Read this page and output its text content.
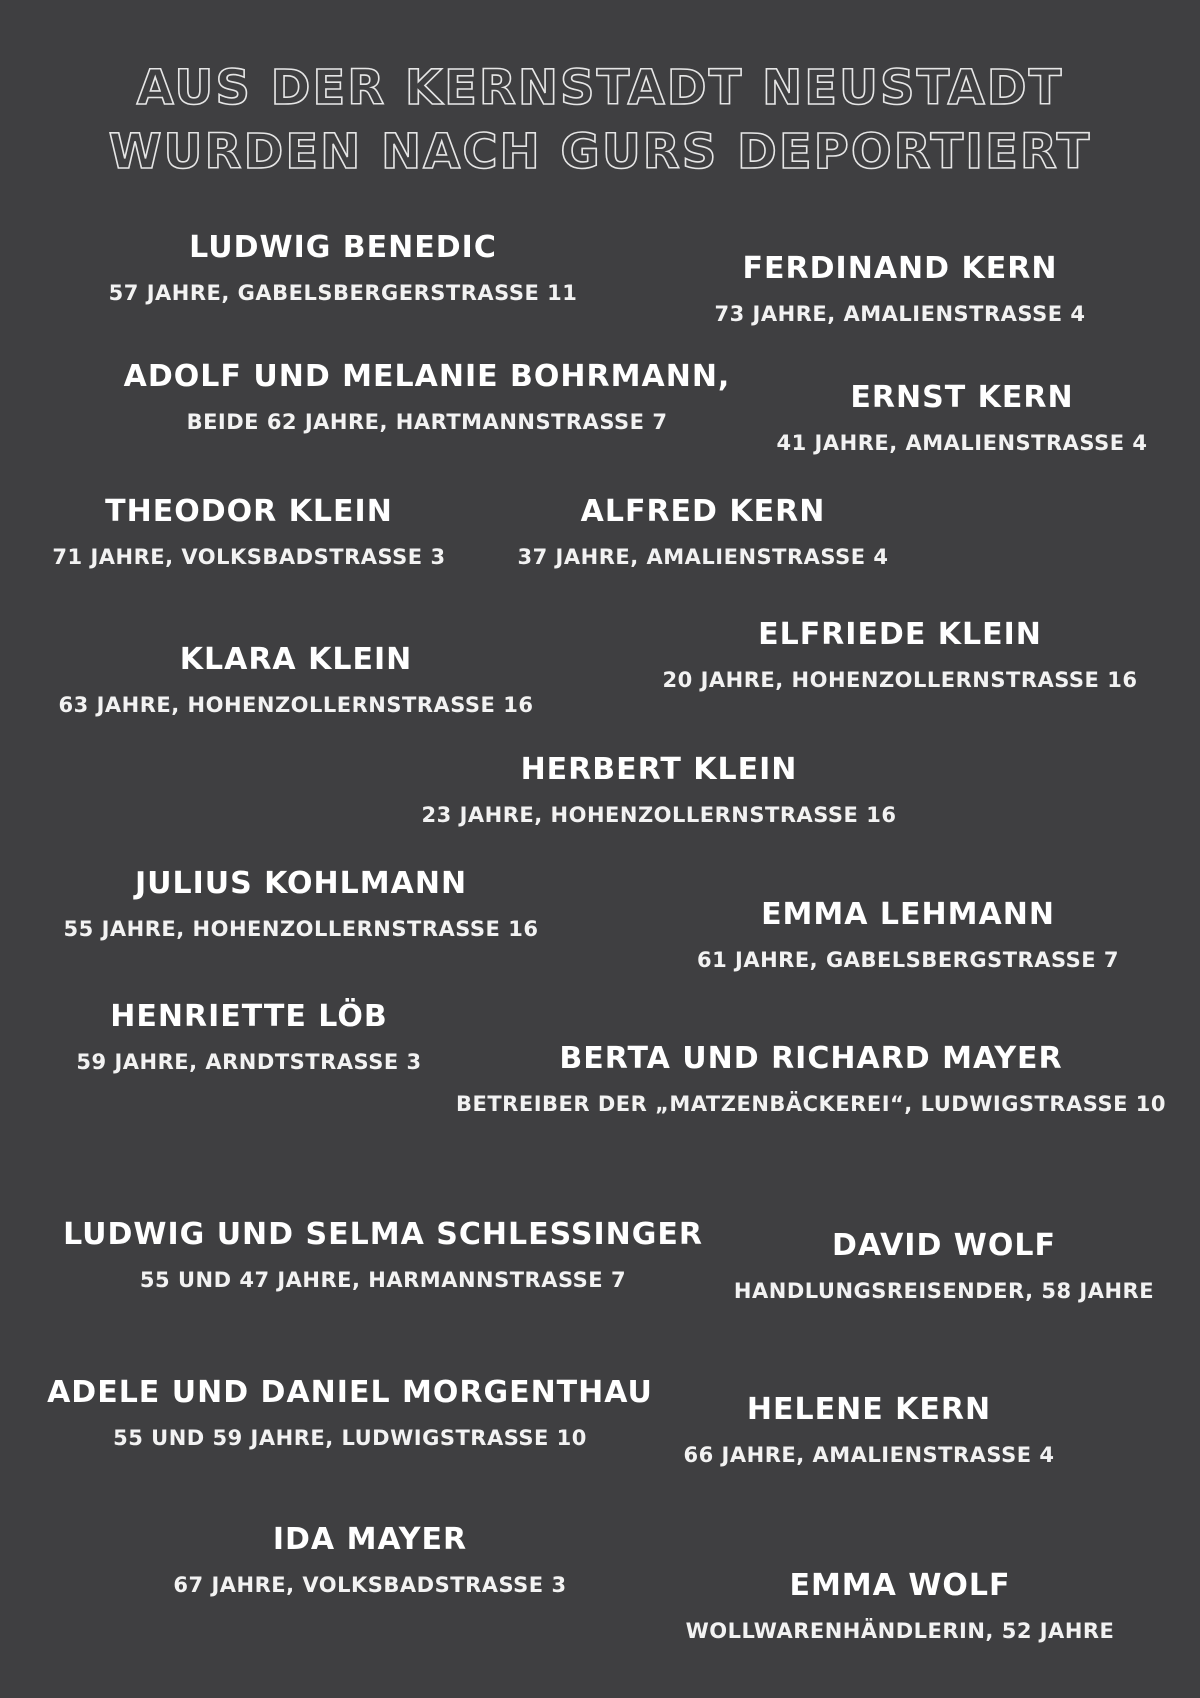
AUS DER KERNSTADT NEUSTADT
WURDEN NACH GURS DEPORTIERT
LUDWIG BENEDIC
57 JAHRE, GABELSBERGERSTRASSE 11
FERDINAND KERN
73 JAHRE, AMALIENSTRASSE 4
ADOLF UND MELANIE BOHRMANN,
BEIDE 62 JAHRE, HARTMANNSTRASSE 7
ERNST KERN
41 JAHRE, AMALIENSTRASSE 4
THEODOR KLEIN
71 JAHRE, VOLKSBADSTRASSE 3
ALFRED KERN
37 JAHRE, AMALIENSTRASSE 4
ELFRIEDE KLEIN
20 JAHRE, HOHENZOLLERNSTRASSE 16
KLARA KLEIN
63 JAHRE, HOHENZOLLERNSTRASSE 16
HERBERT KLEIN
23 JAHRE, HOHENZOLLERNSTRASSE 16
JULIUS KOHLMANN
55 JAHRE, HOHENZOLLERNSTRASSE 16	EMMA LEHMANN
61 JAHRE, GABELSBERGSTRASSE 7
HENRIETTE LÖB
59 JAHRE, ARNDTSTRASSE 3	BERTA UND RICHARD MAYER
BETREIBER DER „MATZENBÄCKEREI“, LUDWIGSTRASSE 10
LUDWIG UND SELMA SCHLESSINGER
55 UND 47 JAHRE, HARMANNSTRASSE 7
DAVID WOLF
HANDLUNGSREISENDER, 58 JAHRE
ADELE UND DANIEL MORGENTHAU
55 UND 59 JAHRE, LUDWIGSTRASSE 10
HELENE KERN
66 JAHRE, AMALIENSTRASSE 4
IDA MAYER
67 JAHRE, VOLKSBADSTRASSE 3	EMMA WOLF
WOLLWARENHÄNDLERIN, 52 JAHRE
